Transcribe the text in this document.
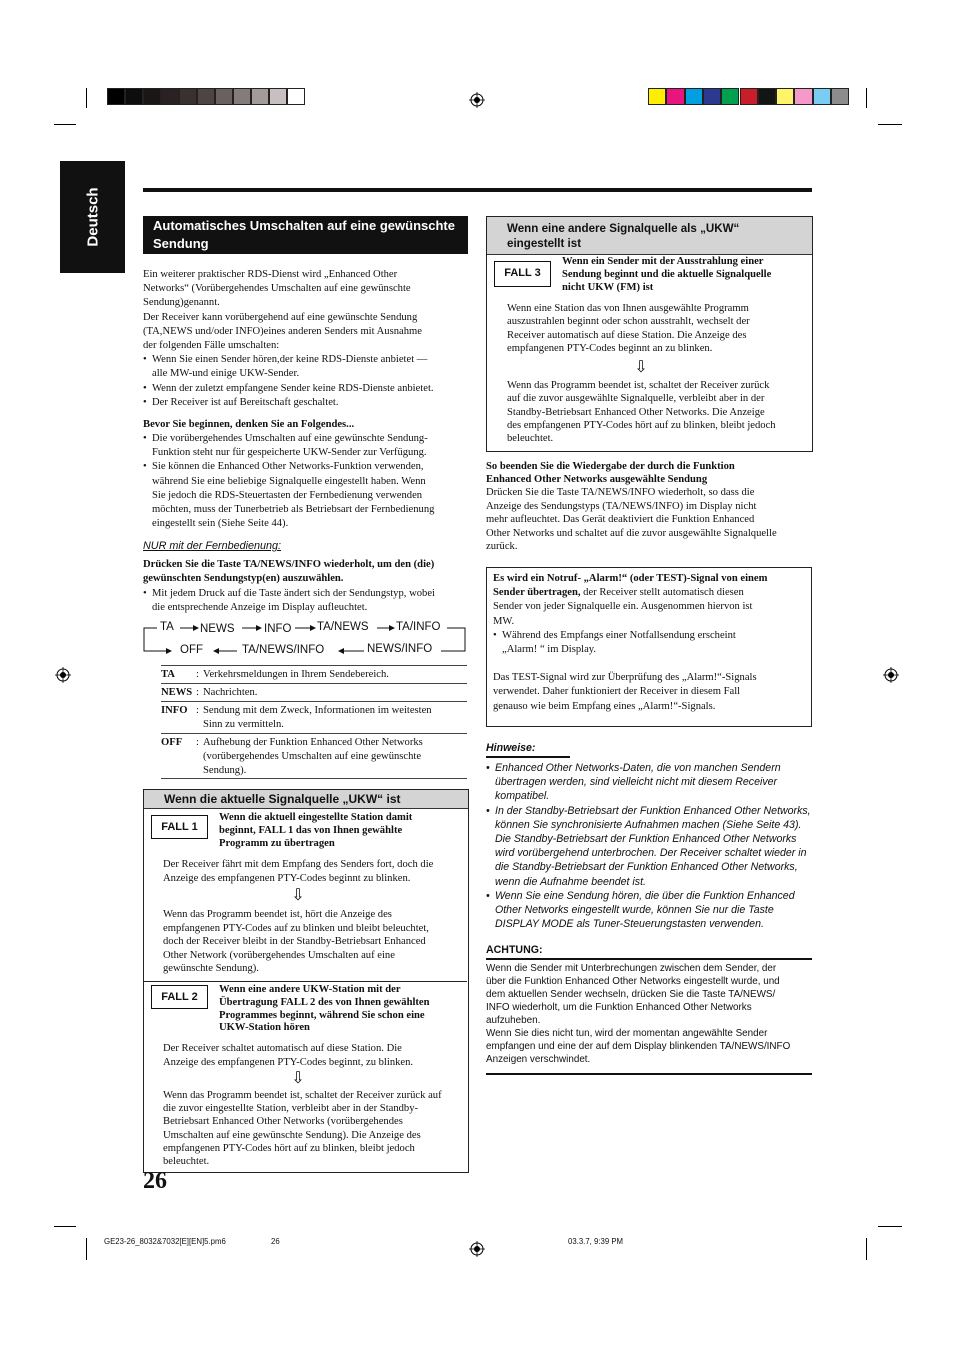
Deutsch	Automatisches Umschalten auf eine gewünschte Sendung
Ein weiterer praktischer RDS-Dienst wird „Enhanced Other
Networks“ (Vorübergehendes Umschalten auf eine gewünschte
Sendung)genannt.
Der Receiver kann vorübergehend auf eine gewünschte Sendung
(TA,NEWS und/oder INFO)eines anderen Senders mit Ausnahme
der folgenden Fälle umschalten:
• Wenn Sie einen Sender hören,der keine RDS-Dienste anbietet —
alle MW-und einige UKW-Sender.
• Wenn der zuletzt empfangene Sender keine RDS-Dienste anbietet.
• Der Receiver ist auf Bereitschaft geschaltet.
Bevor Sie beginnen, denken Sie an Folgendes...
• Die vorübergehendes Umschalten auf eine gewünschte Sendung-
Funktion steht nur für gespeicherte UKW-Sender zur Verfügung.
• Sie können die Enhanced Other Networks-Funktion verwenden,
während Sie eine beliebige Signalquelle eingestellt haben. Wenn
Sie jedoch die RDS-Steuertasten der Fernbedienung verwenden
möchten, muss der Tunerbetrieb als Betriebsart der Fernbedienung
eingestellt sein (Siehe Seite 44).
NUR mit der Fernbedienung:
Drücken Sie die Taste TA/NEWS/INFO wiederholt, um den (die)
gewünschten Sendungstyp(en) auszuwählen.
• Mit jedem Druck auf die Taste ändert sich der Sendungstyp, wobei
die entsprechende Anzeige im Display aufleuchtet.
TA NEWS	INFO TA/NEWS TA/INFO
OFF	TA/NEWS/INFO	NEWS/INFO
TA : Verkehrsmeldungen in Ihrem Sendebereich.
NEWS : Nachrichten.
INFO : Sendung mit dem Zweck, Informationen im weitesten
Sinn zu vermitteln.
OFF : Aufhebung der Funktion Enhanced Other Networks
(vorübergehendes Umschalten auf eine gewünschte
Sendung).
Wenn die aktuelle Signalquelle „UKW“ ist
FALL 1
Wenn die aktuell eingestellte Station damit
beginnt, FALL 1 das von Ihnen gewählte
Programm zu übertragen
Der Receiver fährt mit dem Empfang des Senders fort, doch die
Anzeige des empfangenen PTY-Codes beginnt zu blinken.
⇩
Wenn das Programm beendet ist, hört die Anzeige des
empfangenen PTY-Codes auf zu blinken und bleibt beleuchtet,
doch der Receiver bleibt in der Standby-Betriebsart Enhanced
Other Network (vorübergehendes Umschalten auf eine
gewünschte Sendung).
FALL 2
Wenn eine andere UKW-Station mit der
Übertragung FALL 2 des von Ihnen gewählten
Programmes beginnt, während Sie schon eine
UKW-Station hören
Der Receiver schaltet automatisch auf diese Station. Die
Anzeige des empfangenen PTY-Codes beginnt, zu blinken.
⇩
Wenn das Programm beendet ist, schaltet der Receiver zurück auf
die zuvor eingestellte Station, verbleibt aber in der Standby-
Betriebsart Enhanced Other Networks (vorübergehendes
Umschalten auf eine gewünschte Sendung). Die Anzeige des
empfangenen PTY-Codes hört auf zu blinken, bleibt jedoch
beleuchtet.
26
Wenn eine andere Signalquelle als „UKW“
eingestellt ist
FALL 3
Wenn ein Sender mit der Ausstrahlung einer
Sendung beginnt und die aktuelle Signalquelle
nicht UKW (FM) ist
Wenn eine Station das von Ihnen ausgewählte Programm
auszustrahlen beginnt oder schon ausstrahlt, wechselt der
Receiver automatisch auf diese Station. Die Anzeige des
empfangenen PTY-Codes beginnt an zu blinken.
⇩
Wenn das Programm beendet ist, schaltet der Receiver zurück
auf die zuvor ausgewählte Signalquelle, verbleibt aber in der
Standby-Betriebsart Enhanced Other Networks. Die Anzeige
des empfangenen PTY-Codes hört auf zu blinken, bleibt jedoch
beleuchtet.
So beenden Sie die Wiedergabe der durch die Funktion
Enhanced Other Networks ausgewählte Sendung
Drücken Sie die Taste TA/NEWS/INFO wiederholt, so dass die
Anzeige des Sendungstyps (TA/NEWS/INFO) im Display nicht
mehr aufleuchtet. Das Gerät deaktiviert die Funktion Enhanced
Other Networks und schaltet auf die zuvor ausgewählte Signalquelle
zurück.
Es wird ein Notruf- „Alarm!“ (oder TEST)-Signal von einem
Sender übertragen, der Receiver stellt automatisch diesen
Sender von jeder Signalquelle ein. Ausgenommen hiervon ist
MW.
• Während des Empfangs einer Notfallsendung erscheint
„Alarm! “ im Display.
Das TEST-Signal wird zur Überprüfung des „Alarm!“-Signals
verwendet. Daher funktioniert der Receiver in diesem Fall
genauso wie beim Empfang eines „Alarm!“-Signals.
Hinweise:
• Enhanced Other Networks-Daten, die von manchen Sendern
übertragen werden, sind vielleicht nicht mit diesem Receiver
kompatibel.
• In der Standby-Betriebsart der Funktion Enhanced Other Networks,
können Sie synchronisierte Aufnahmen machen (Siehe Seite 43).
Die Standby-Betriebsart der Funktion Enhanced Other Networks
wird vorübergehend unterbrochen. Der Receiver schaltet wieder in
die Standby-Betriebsart der Funktion Enhanced Other Networks,
wenn die Aufnahme beendet ist.
• Wenn Sie eine Sendung hören, die über die Funktion Enhanced
Other Networks eingestellt wurde, können Sie nur die Taste
DISPLAY MODE als Tuner-Steuerungstasten verwenden.
ACHTUNG:
Wenn die Sender mit Unterbrechungen zwischen dem Sender, der
über die Funktion Enhanced Other Networks eingestellt wurde, und
dem aktuellen Sender wechseln, drücken Sie die Taste TA/NEWS/
INFO wiederholt, um die Funktion Enhanced Other Networks
aufzuheben.
Wenn Sie dies nicht tun, wird der momentan angewählte Sender
empfangen und eine der auf dem Display blinkenden TA/NEWS/INFO
Anzeigen verschwindet.
GE23-26_8032&7032[E][EN]5.pm6	26	03.3.7, 9:39 PM
